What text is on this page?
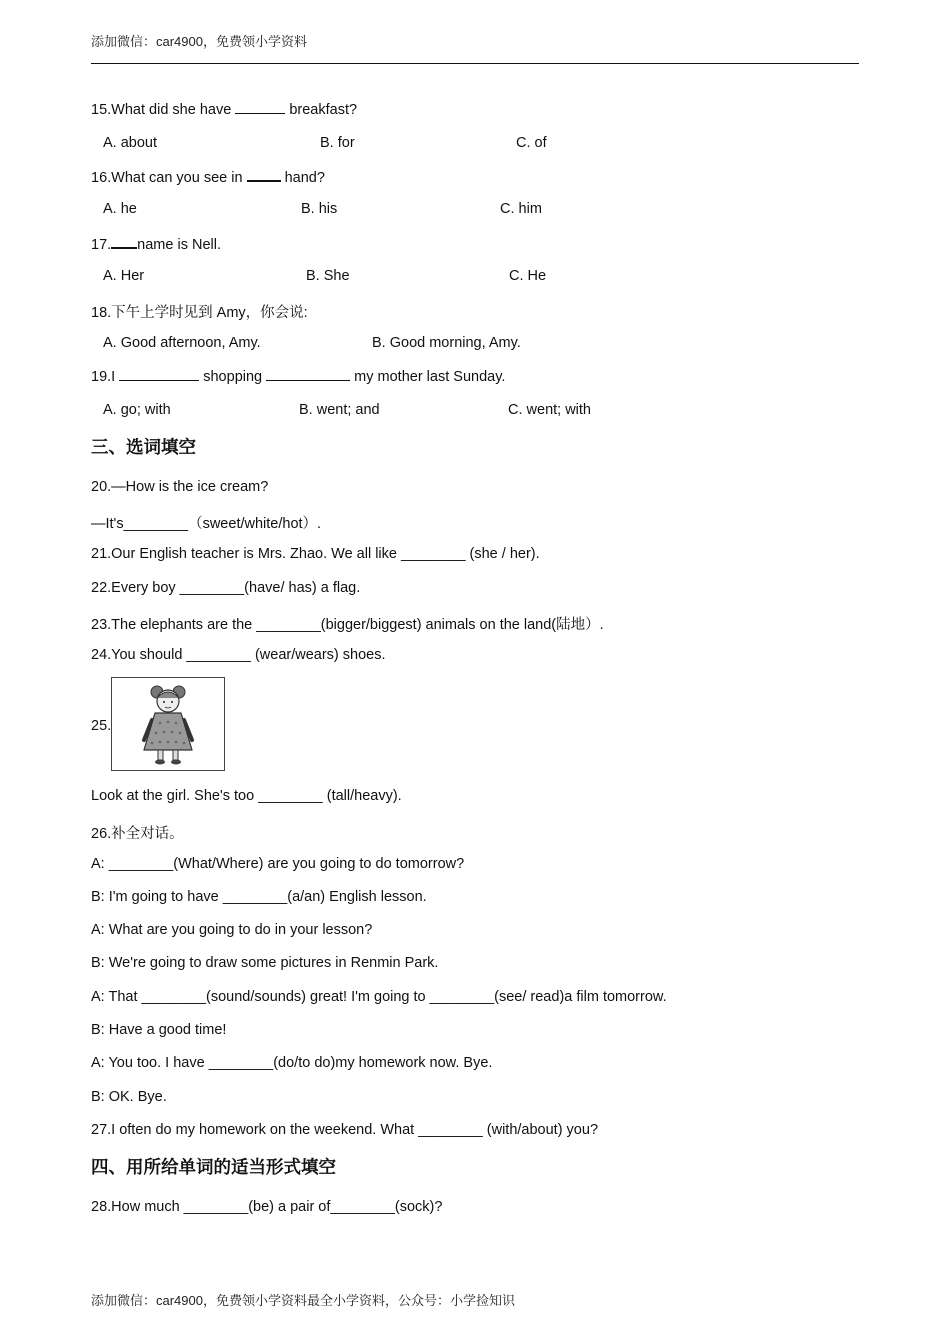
添加微信：car4900，免费领小学资料
15.What did she have	breakfast?
A. about	B. for	C. of
16.What can you see in  hand?
A. he	B. his	C. him
17. name is Nell.
A. Her	B. She	C. He
18.下午上学时见到 Amy，你会说:
A. Good afternoon, Amy.	B. Good morning, Amy.
19.I	shopping	my mother last Sunday.
A. go; with	B. went; and	C. went; with
三、选词填空
20.—How is the ice cream?
—It's________（sweet/white/hot）.
21.Our English teacher is Mrs. Zhao. We all like ________ (she / her).
22.Every boy ________(have/ has) a flag.
23.The elephants are the ________(bigger/biggest) animals on the land(陆地）.
24.You should ________ (wear/wears) shoes.
25.
Look at the girl. She's too ________ (tall/heavy).
26.补全对话。
A: ________(What/Where) are you going to do tomorrow?
B: I'm going to have ________(a/an) English lesson.
A: What are you going to do in your lesson?
B: We're going to draw some pictures in Renmin Park.
A: That ________(sound/sounds) great! I'm going to ________(see/ read)a film tomorrow.
B: Have a good time!
A: You too. I have ________(do/to do)my homework now. Bye.
B: OK. Bye.
27.I often do my homework on the weekend. What ________ (with/about) you?
四、用所给单词的适当形式填空
28.How much ________(be) a pair of________(sock)?
添加微信：car4900，免费领小学资料最全小学资料，公众号：小学捡知识
